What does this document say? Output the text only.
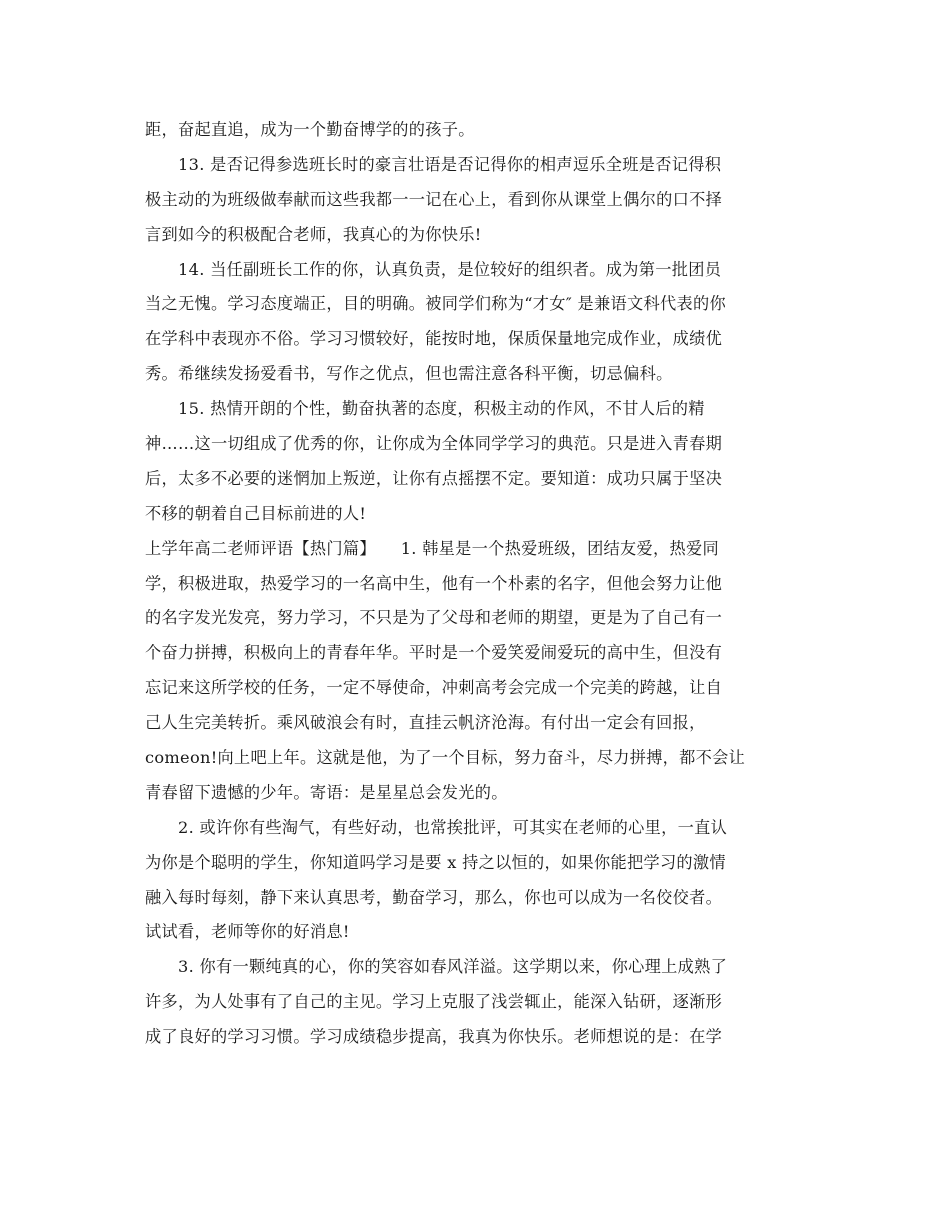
距，奋起直追，成为一个勤奋博学的的孩子。
13. 是否记得参选班长时的豪言壮语是否记得你的相声逗乐全班是否记得积
极主动的为班级做奉献而这些我都一一记在心上，看到你从课堂上偶尔的口不择
言到如今的积极配合老师，我真心的为你快乐!
14. 当任副班长工作的你，认真负责，是位较好的组织者。成为第一批团员
当之无愧。学习态度端正，目的明确。被同学们称为“才女″ 是兼语文科代表的你
在学科中表现亦不俗。学习习惯较好，能按时地，保质保量地完成作业，成绩优
秀。希继续发扬爱看书，写作之优点，但也需注意各科平衡，切忌偏科。
15. 热情开朗的个性，勤奋执著的态度，积极主动的作风，不甘人后的精
神……这一切组成了优秀的你，让你成为全体同学学习的典范。只是进入青春期
后，太多不必要的迷惘加上叛逆，让你有点摇摆不定。要知道：成功只属于坚决
不移的朝着自己目标前进的人!
上学年高二老师评语【热门篇】　　1. 韩星是一个热爱班级，团结友爱，热爱同
学，积极进取，热爱学习的一名高中生，他有一个朴素的名字，但他会努力让他
的名字发光发亮，努力学习，不只是为了父母和老师的期望，更是为了自己有一
个奋力拼搏，积极向上的青春年华。平时是一个爱笑爱闹爱玩的高中生，但没有
忘记来这所学校的任务，一定不辱使命，冲刺高考会完成一个完美的跨越，让自
己人生完美转折。乘风破浪会有时，直挂云帆济沧海。有付出一定会有回报，
comeon!向上吧上年。这就是他，为了一个目标，努力奋斗，尽力拼搏，都不会让
青春留下遗憾的少年。寄语：是星星总会发光的。
2. 或许你有些淘气，有些好动，也常挨批评，可其实在老师的心里，一直认
为你是个聪明的学生，你知道吗学习是要 x 持之以恒的，如果你能把学习的激情
融入每时每刻，静下来认真思考，勤奋学习，那么，你也可以成为一名佼佼者。
试试看，老师等你的好消息!
3. 你有一颗纯真的心，你的笑容如春风洋溢。这学期以来，你心理上成熟了
许多，为人处事有了自己的主见。学习上克服了浅尝辄止，能深入钻研，逐渐形
成了良好的学习习惯。学习成绩稳步提高，我真为你快乐。老师想说的是：在学
